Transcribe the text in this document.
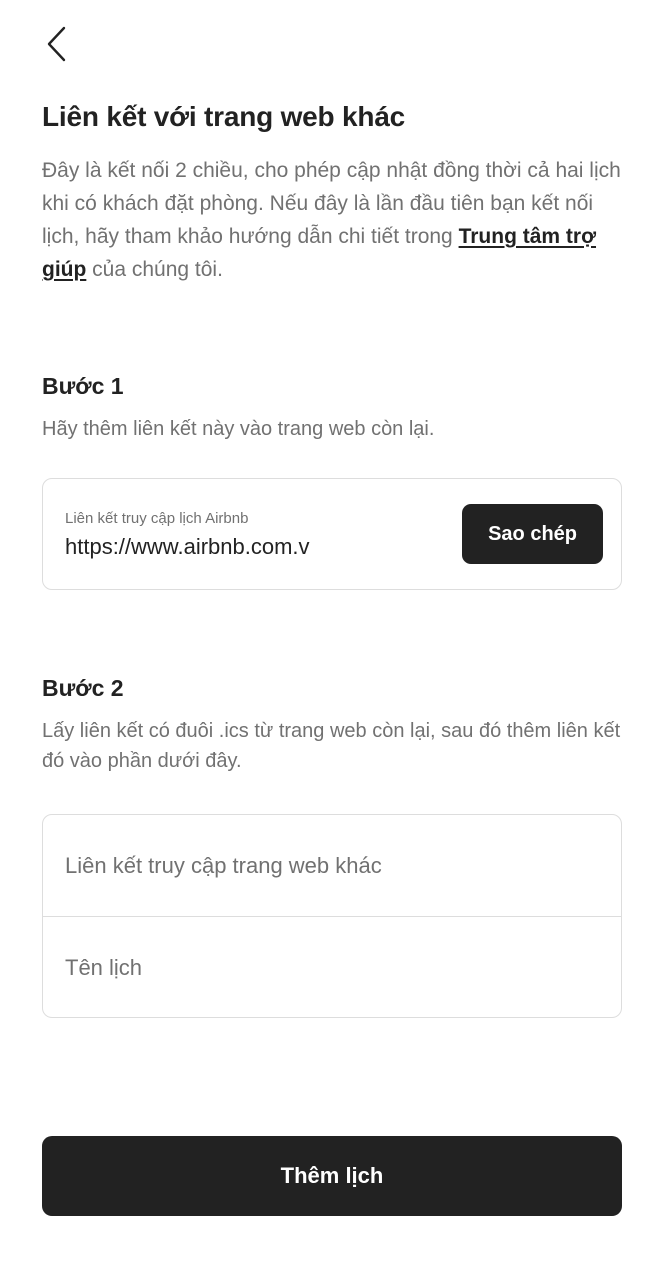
Liên kết với trang web khác

Đây là kết nối 2 chiều, cho phép cập nhật đồng thời cả hai lịch khi có khách đặt phòng. Nếu đây là lần đầu tiên bạn kết nối lịch, hãy tham khảo hướng dẫn chi tiết trong Trung tâm trợ giúp của chúng tôi.

Bước 1

Hãy thêm liên kết này vào trang web còn lại.

Liên kết truy cập lịch Airbnb
https://www.airbnb.com.v	Sao chép
Bước 2

Lấy liên kết có đuôi .ics từ trang web còn lại, sau đó thêm liên kết đó vào phần dưới đây.

Liên kết truy cập trang web khác
Tên lịch
Thêm lịch
